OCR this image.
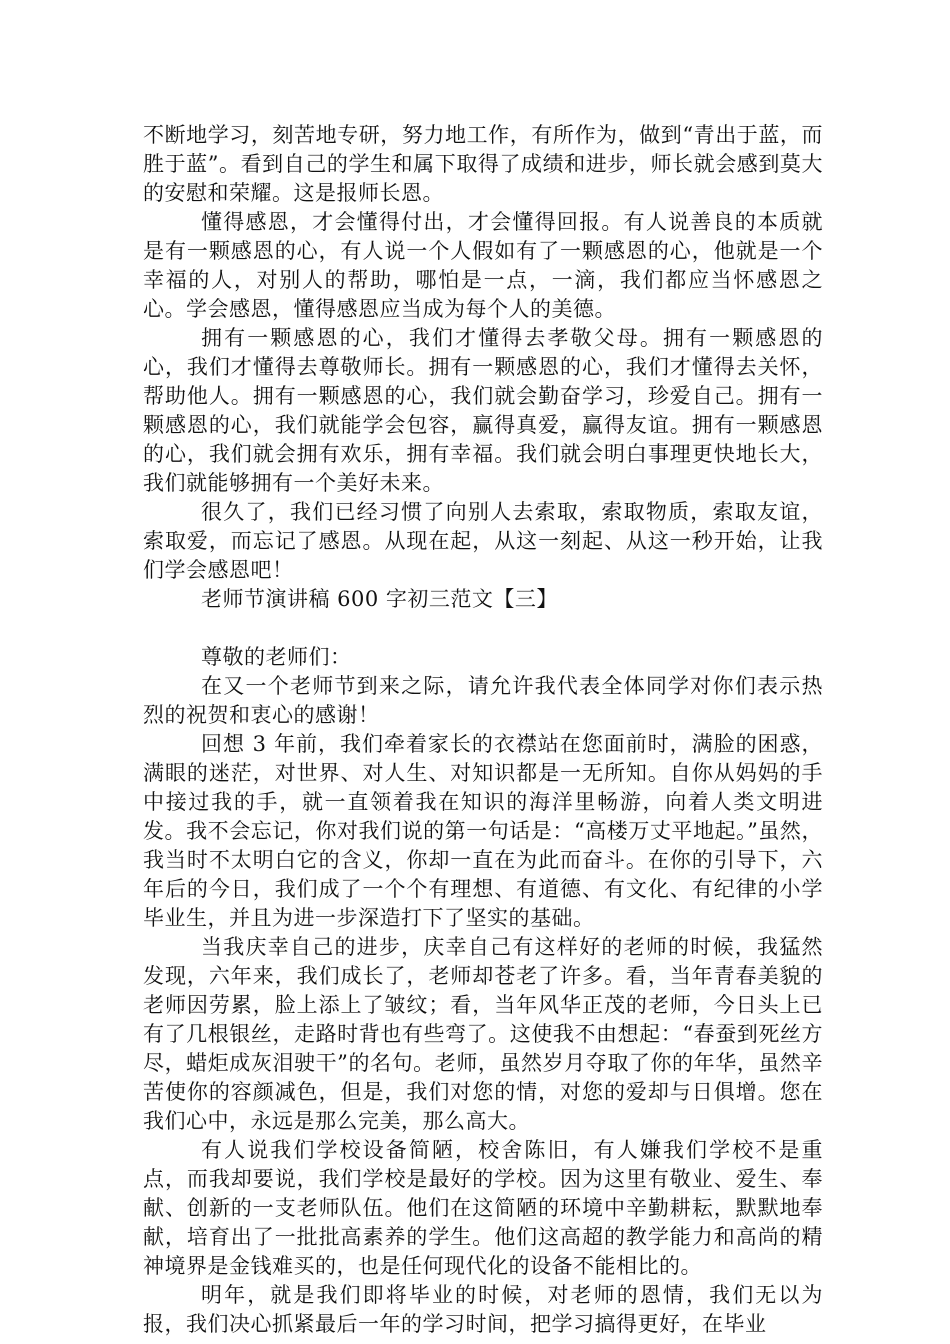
不断地学习，刻苦地专研，努力地工作，有所作为，做到“青出于蓝，而胜于蓝”。看到自己的学生和属下取得了成绩和进步，师长就会感到莫大的安慰和荣耀。这是报师长恩。

懂得感恩，才会懂得付出，才会懂得回报。有人说善良的本质就是有一颗感恩的心，有人说一个人假如有了一颗感恩的心，他就是一个幸福的人，对别人的帮助，哪怕是一点，一滴，我们都应当怀感恩之心。学会感恩，懂得感恩应当成为每个人的美德。

拥有一颗感恩的心，我们才懂得去孝敬父母。拥有一颗感恩的心，我们才懂得去尊敬师长。拥有一颗感恩的心，我们才懂得去关怀，帮助他人。拥有一颗感恩的心，我们就会勤奋学习，珍爱自己。拥有一颗感恩的心，我们就能学会包容，赢得真爱，赢得友谊。拥有一颗感恩的心，我们就会拥有欢乐，拥有幸福。我们就会明白事理更快地长大，我们就能够拥有一个美好未来。

很久了，我们已经习惯了向别人去索取，索取物质，索取友谊，索取爱，而忘记了感恩。从现在起，从这一刻起、从这一秒开始，让我们学会感恩吧！

老师节演讲稿 600 字初三范文【三】

尊敬的老师们：

在又一个老师节到来之际，请允许我代表全体同学对你们表示热烈的祝贺和衷心的感谢！

回想 3 年前，我们牵着家长的衣襟站在您面前时，满脸的困惑，满眼的迷茫，对世界、对人生、对知识都是一无所知。自你从妈妈的手中接过我的手，就一直领着我在知识的海洋里畅游，向着人类文明进发。我不会忘记，你对我们说的第一句话是：“高楼万丈平地起。”虽然，我当时不太明白它的含义，你却一直在为此而奋斗。在你的引导下，六年后的今日，我们成了一个个有理想、有道德、有文化、有纪律的小学毕业生，并且为进一步深造打下了坚实的基础。

当我庆幸自己的进步，庆幸自己有这样好的老师的时候，我猛然发现，六年来，我们成长了，老师却苍老了许多。看，当年青春美貌的老师因劳累，脸上添上了皱纹；看，当年风华正茂的老师，今日头上已有了几根银丝，走路时背也有些弯了。这使我不由想起：“春蚕到死丝方尽，蜡炬成灰泪驶干”的名句。老师，虽然岁月夺取了你的年华，虽然辛苦使你的容颜减色，但是，我们对您的情，对您的爱却与日俱增。您在我们心中，永远是那么完美，那么高大。

有人说我们学校设备简陋，校舍陈旧，有人嫌我们学校不是重点，而我却要说，我们学校是最好的学校。因为这里有敬业、爱生、奉献、创新的一支老师队伍。他们在这简陋的环境中辛勤耕耘，默默地奉献，培育出了一批批高素养的学生。他们这高超的教学能力和高尚的精神境界是金钱难买的，也是任何现代化的设备不能相比的。

明年，就是我们即将毕业的时候，对老师的恩情，我们无以为报，我们决心抓紧最后一年的学习时间，把学习搞得更好，在毕业
